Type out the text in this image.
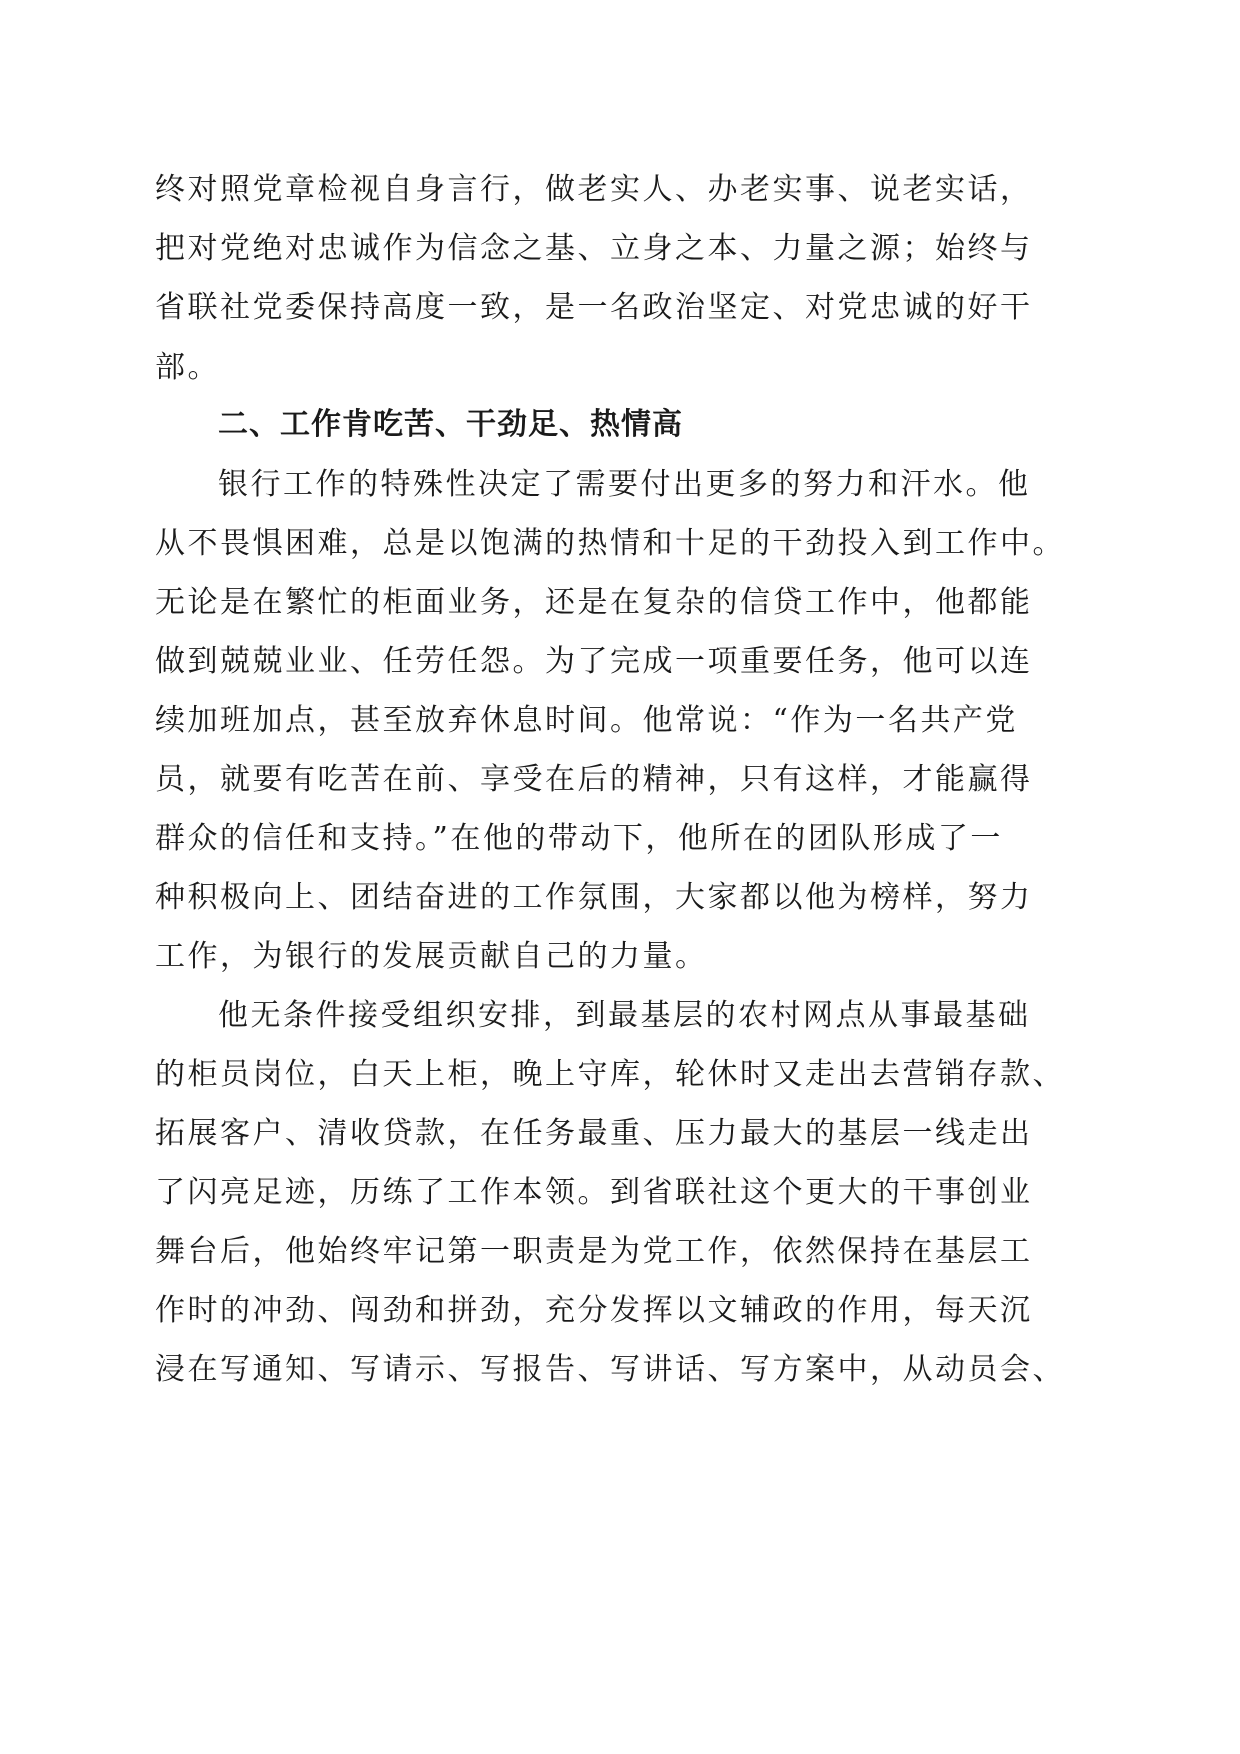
终对照党章检视自身言行，做老实人、办老实事、说老实话，
把对党绝对忠诚作为信念之基、立身之本、力量之源；始终与
省联社党委保持高度一致，是一名政治坚定、对党忠诚的好干
部。
二、工作肯吃苦、干劲足、热情高
银行工作的特殊性决定了需要付出更多的努力和汗水。他
从不畏惧困难，总是以饱满的热情和十足的干劲投入到工作中。
无论是在繁忙的柜面业务，还是在复杂的信贷工作中，他都能
做到兢兢业业、任劳任怨。为了完成一项重要任务，他可以连
续加班加点，甚至放弃休息时间。他常说：“作为一名共产党
员，就要有吃苦在前、享受在后的精神，只有这样，才能赢得
群众的信任和支持。”在他的带动下，他所在的团队形成了一
种积极向上、团结奋进的工作氛围，大家都以他为榜样，努力
工作，为银行的发展贡献自己的力量。
他无条件接受组织安排，到最基层的农村网点从事最基础
的柜员岗位，白天上柜，晚上守库，轮休时又走出去营销存款、
拓展客户、清收贷款，在任务最重、压力最大的基层一线走出
了闪亮足迹，历练了工作本领。到省联社这个更大的干事创业
舞台后，他始终牢记第一职责是为党工作，依然保持在基层工
作时的冲劲、闯劲和拼劲，充分发挥以文辅政的作用，每天沉
浸在写通知、写请示、写报告、写讲话、写方案中，从动员会、
